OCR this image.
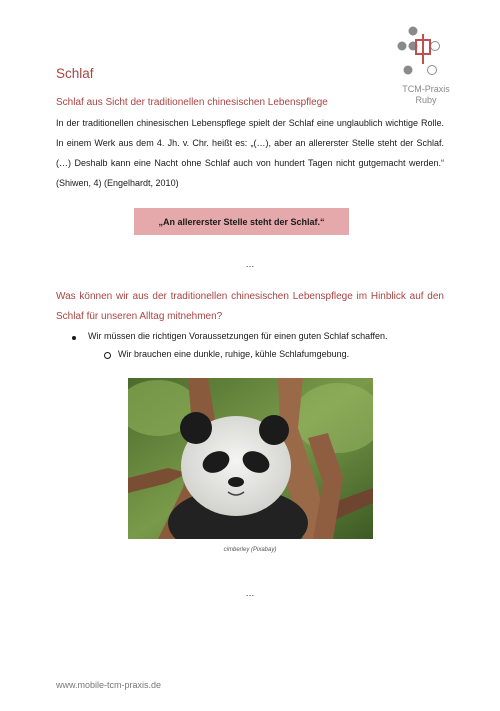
TCM-Praxis
Ruby
Schlaf
Schlaf aus Sicht der traditionellen chinesischen Lebenspflege
In der traditionellen chinesischen Lebenspflege spielt der Schlaf eine unglaublich wichtige Rolle. In einem Werk aus dem 4. Jh. v. Chr. heißt es: „(…), aber an allererster Stelle steht der Schlaf. (…) Deshalb kann eine Nacht ohne Schlaf auch von hundert Tagen nicht gutgemacht werden.“ (Shiwen, 4) (Engelhardt, 2010)
„An allererster Stelle steht der Schlaf.“
…
Was können wir aus der traditionellen chinesischen Lebenspflege im Hinblick auf den Schlaf für unseren Alltag mitnehmen?
Wir müssen die richtigen Voraussetzungen für einen guten Schlaf schaffen.
Wir brauchen eine dunkle, ruhige, kühle Schlafumgebung.
cimberley (Pixabay)
…
www.mobile-tcm-praxis.de
